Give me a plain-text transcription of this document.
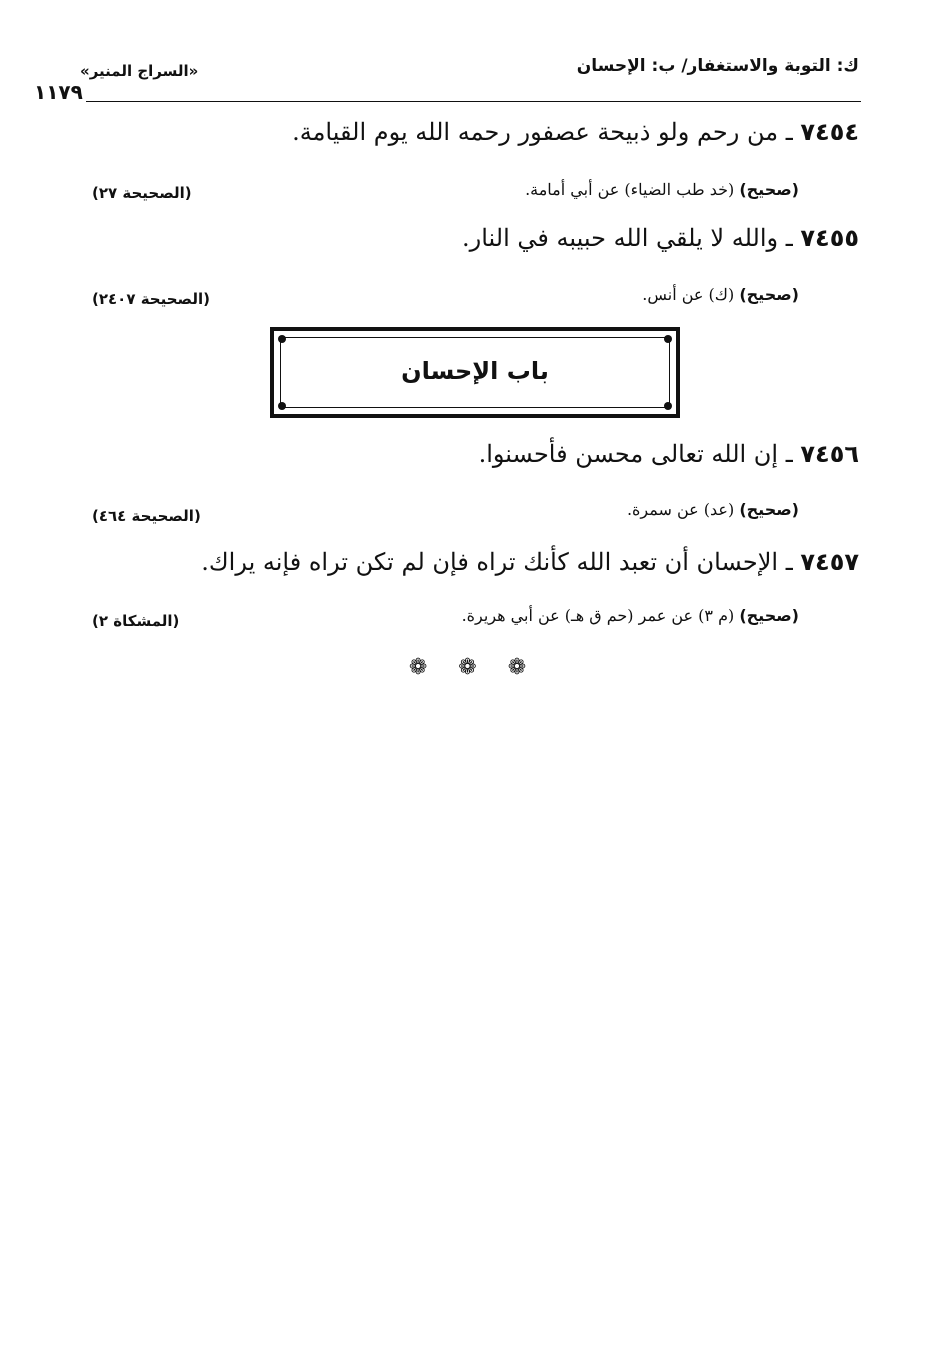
ك: التوبة والاستغفار/ ب: الإحسان
«السراج المنير»
١١٧٩
٧٤٥٤ ـ من رحم ولو ذبيحة عصفور رحمه الله يوم القيامة.
(صحيح) (خد طب الضياء) عن أبي أمامة.
(الصحيحة ٢٧)
٧٤٥٥ ـ والله لا يلقي الله حبيبه في النار.
(صحيح) (ك) عن أنس.
(الصحيحة ٢٤٠٧)
باب الإحسان
٧٤٥٦ ـ إن الله تعالى محسن فأحسنوا.
(صحيح) (عد) عن سمرة.
(الصحيحة ٤٦٤)
٧٤٥٧ ـ الإحسان أن تعبد الله كأنك تراه فإن لم تكن تراه فإنه يراك.
(صحيح) (م ٣) عن عمر (حم ق هـ) عن أبي هريرة.
(المشكاة ٢)
❁ ❁ ❁
